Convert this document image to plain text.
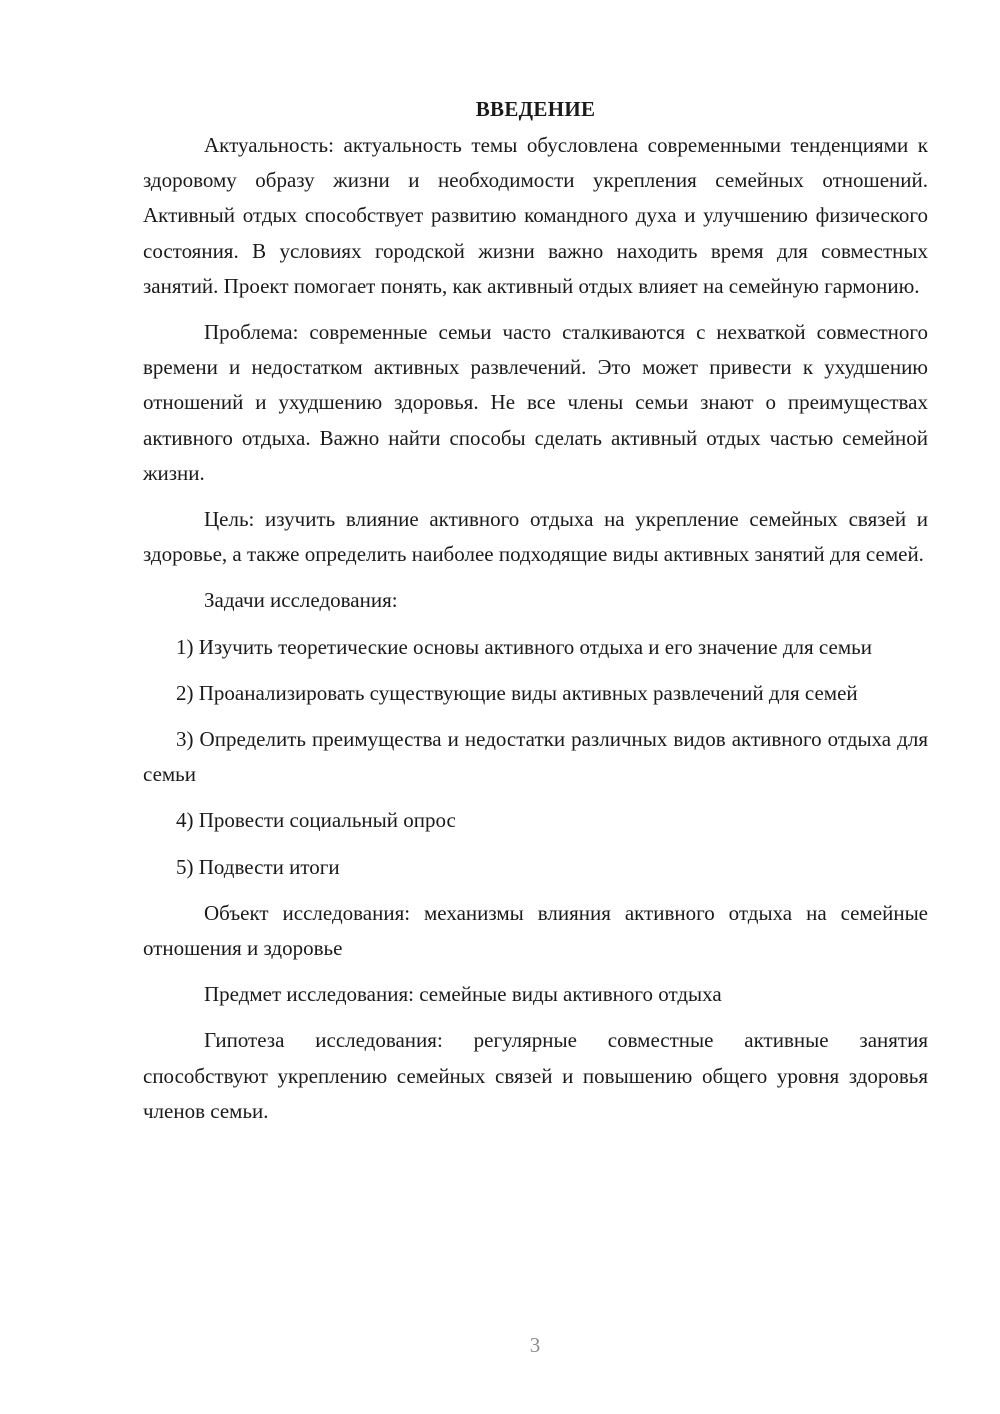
ВВЕДЕНИЕ

Актуальность: актуальность темы обусловлена современными тенденциями к здоровому образу жизни и необходимости укрепления семейных отношений. Активный отдых способствует развитию командного духа и улучшению физического состояния. В условиях городской жизни важно находить время для совместных занятий. Проект помогает понять, как активный отдых влияет на семейную гармонию.

Проблема: современные семьи часто сталкиваются с нехваткой совместного времени и недостатком активных развлечений. Это может привести к ухудшению отношений и ухудшению здоровья. Не все члены семьи знают о преимуществах активного отдыха. Важно найти способы сделать активный отдых частью семейной жизни.

Цель: изучить влияние активного отдыха на укрепление семейных связей и здоровье, а также определить наиболее подходящие виды активных занятий для семей.

Задачи исследования:

1) Изучить теоретические основы активного отдыха и его значение для семьи

2) Проанализировать существующие виды активных развлечений для семей

3) Определить преимущества и недостатки различных видов активного отдыха для семьи

4) Провести социальный опрос

5) Подвести итоги

Объект исследования: механизмы влияния активного отдыха на семейные отношения и здоровье

Предмет исследования: семейные виды активного отдыха

Гипотеза исследования: регулярные совместные активные занятия способствуют укреплению семейных связей и повышению общего уровня здоровья членов семьи.

3
